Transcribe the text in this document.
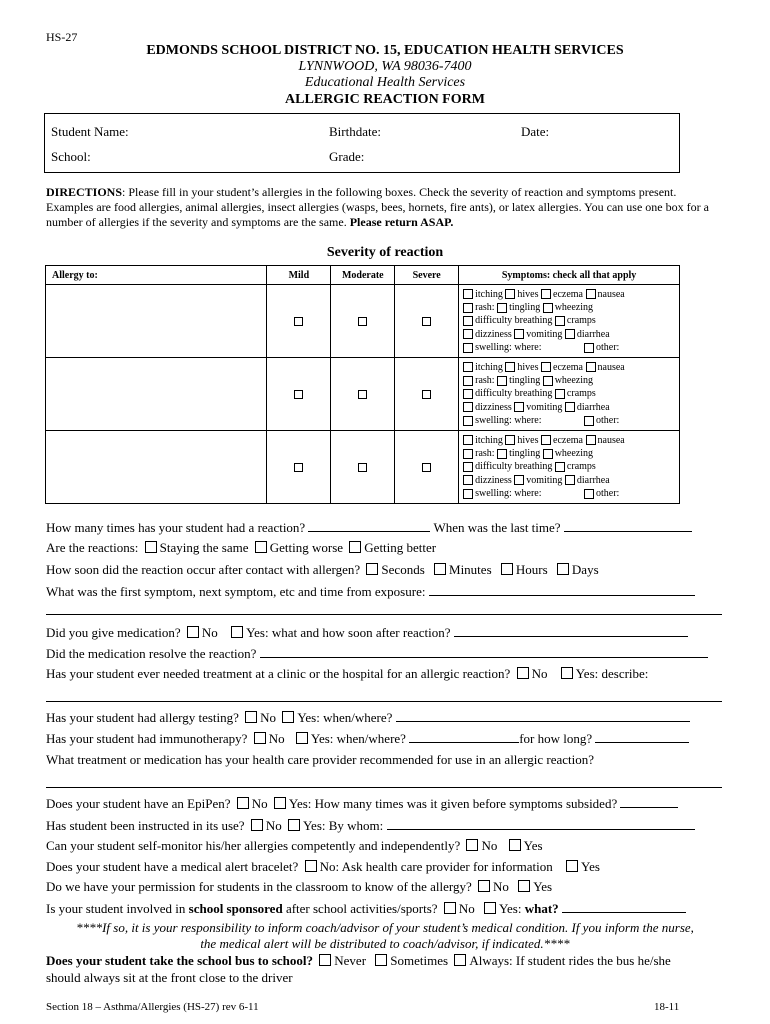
HS-27
EDMONDS SCHOOL DISTRICT NO. 15, EDUCATION HEALTH SERVICES
LYNNWOOD, WA 98036-7400
Educational Health Services
ALLERGIC REACTION FORM
Student Name:	Birthdate:	Date:
School:	Grade:
DIRECTIONS: Please fill in your student’s allergies in the following boxes. Check the severity of reaction and symptoms present. Examples are food allergies, animal allergies, insect allergies (wasps, bees, hornets, fire ants), or latex allergies. You can use one box for a number of allergies if the severity and symptoms are the same. Please return ASAP.
Severity of reaction
Allergy to:	Mild	Moderate	Severe	Symptoms: check all that apply

				itching hives eczema nausea
rash: tingling wheezing
difficulty breathing cramps
dizziness vomiting diarrhea
swelling: where: other:

				itching hives eczema nausea
rash: tingling wheezing
difficulty breathing cramps
dizziness vomiting diarrhea
swelling: where: other:

				itching hives eczema nausea
rash: tingling wheezing
difficulty breathing cramps
dizziness vomiting diarrhea
swelling: where: other:
How many times has your student had a reaction?	When was the last time?
Are the reactions: Staying the same Getting worse Getting better
How soon did the reaction occur after contact with allergen? Seconds Minutes Hours Days
What was the first symptom, next symptom, etc and time from exposure:
Did you give medication? No Yes: what and how soon after reaction?
Did the medication resolve the reaction?
Has your student ever needed treatment at a clinic or the hospital for an allergic reaction? No Yes: describe:
Has your student had allergy testing? No Yes: when/where?
Has your student had immunotherapy? No Yes: when/where?	for how long?
What treatment or medication has your health care provider recommended for use in an allergic reaction?
Does your student have an EpiPen? No Yes: How many times was it given before symptoms subsided?
Has student been instructed in its use? No Yes: By whom:
Can your student self-monitor his/her allergies competently and independently? No Yes
Does your student have a medical alert bracelet? No: Ask health care provider for information Yes
Do we have your permission for students in the classroom to know of the allergy? No Yes
Is your student involved in school sponsored after school activities/sports? No Yes: what?
****If so, it is your responsibility to inform coach/advisor of your student’s medical condition. If you inform the nurse,
the medical alert will be distributed to coach/advisor, if indicated.****
Does your student take the school bus to school? Never Sometimes Always: If student rides the bus he/she
should always sit at the front close to the driver
Section 18 – Asthma/Allergies (HS-27) rev 6-11	18-11
